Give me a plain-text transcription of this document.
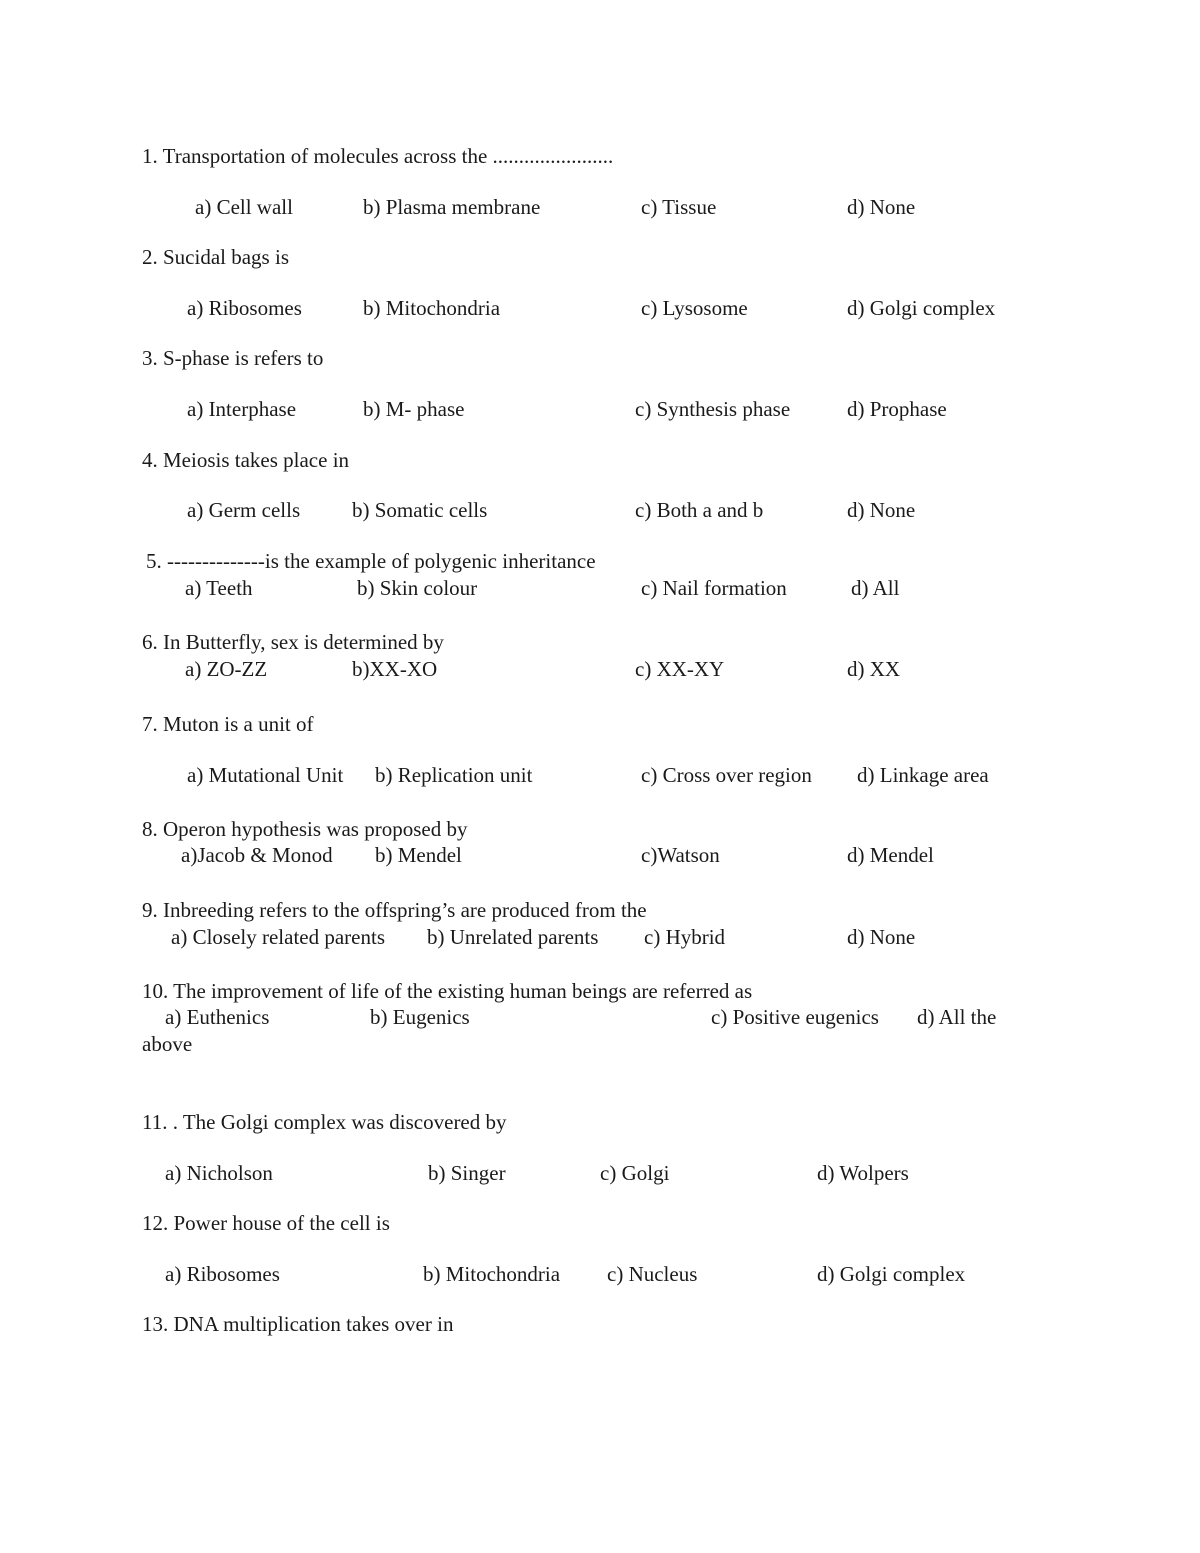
1. Transportation of molecules across the .......................
a) Cell wall	b) Plasma membrane	c) Tissue	d) None
2. Sucidal bags is
a) Ribosomes	b) Mitochondria	c) Lysosome	d) Golgi complex
3. S-phase is refers to
a) Interphase	b) M- phase	c) Synthesis phase	d) Prophase
4. Meiosis takes place in
a) Germ cells b) Somatic cells	c) Both a and b	d) None
5. --------------is the example of polygenic inheritance
a) Teeth	b) Skin colour	c) Nail formation	d) All
6. In Butterfly, sex is determined by
a) ZO-ZZ	b)XX-XO	c) XX-XY	d) XX
7. Muton is a unit of
a) Mutational Unit b) Replication unit	c) Cross over region d) Linkage area
8. Operon hypothesis was proposed by
a)Jacob & Monod b) Mendel	c)Watson	d) Mendel
9. Inbreeding refers to the offspring’s are produced from the
a) Closely related parents b) Unrelated parents c) Hybrid	d) None
10. The improvement of life of the existing human beings are referred as
a) Euthenics	b) Eugenics	c) Positive eugenics d) All the
above
11. . The Golgi complex was discovered by
a) Nicholson	b) Singer	c) Golgi	d) Wolpers
12. Power house of the cell is
a) Ribosomes	b) Mitochondria c) Nucleus	d) Golgi complex
13. DNA multiplication takes over in
